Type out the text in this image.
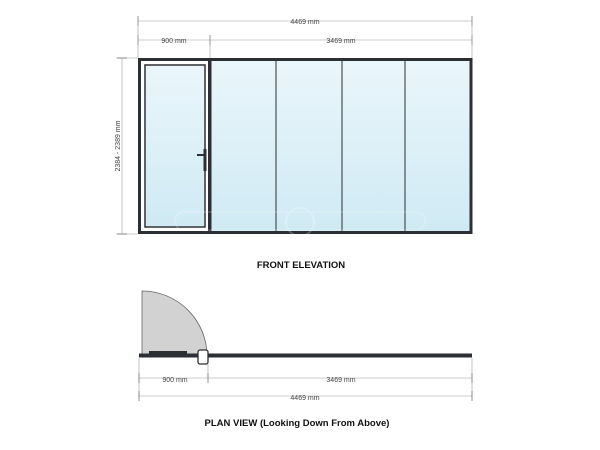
4469 mm
900 mm	3469 mm
2384 - 2389 mm
FRONT ELEVATION
900 mm	3469 mm
4469 mm
PLAN VIEW (Looking Down From Above)
